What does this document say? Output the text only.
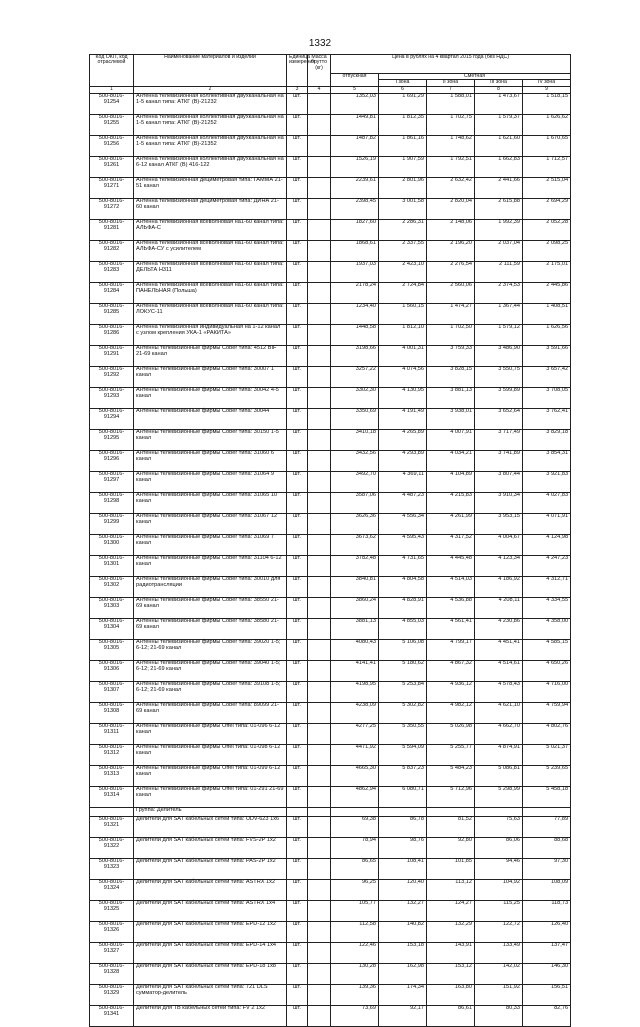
1332
Код ОКП, код отраслевой	Наименование материалов и изделий	Единица измерения	Масса брутто (кг)	Цена в рублях на 4 квартал 2015 года (без НДС)				
				отпускная	Сметная			
					I зона	II зона	III зона	IV зона
1	2	3	4	5	6	7	8	9
500-8016-91254	Антенна телевизионная коллективная двухканальная на 1-5 канал типа: АТКГ (В)-21232	шт.		1352,03	1 691,29	1 588,01	1 473,67	1 518,15
500-8016-91255	Антенна телевизионная коллективная двухканальная на 1-5 канал типа: АТКГ (В)-21252	шт.		1449,81	1 812,35	1 702,75	1 579,37	1 626,62
500-8016-91256	Антенна телевизионная коллективная двухканальная на 1-5 канал типа: АТКГ (В)-21352	шт.		1487,82	1 861,16	1 748,62	1 621,60	1 670,65
500-8016-91261	Антенна телевизионная коллективная двухканальная на 6-12 канал АТКГ (В) 416-122	шт.		1526,19	1 907,59	1 792,51	1 662,83	1 712,57
500-8016-91271	Антенна телевизионная дециметровая типа: ГАММА 21-51 канал	шт.		2239,61	2 801,96	2 632,42	2 441,66	2 515,04
500-8016-91272	Антенна телевизионная дециметровая типа: ДИНА 21-60 канал	шт.		2398,45	3 001,58	2 820,04	2 615,88	2 694,29
500-8016-91281	Антенна телевизионная всеволновая на1-60 канал типа: АЛЬФА-С	шт.		1827,60	2 286,31	2 148,06	1 992,39	2 052,28
500-8016-91282	Антенна телевизионная всеволновая на1-60 канал типа: АЛЬФА-СУ с усилителем	шт.		1868,61	2 337,55	2 196,20	2 037,04	2 098,25
500-8016-91283	Антенна телевизионная всеволновая на1-60 канал типа: ДЕЛЬТА Н311	шт.		1937,03	2 423,10	2 276,54	2 111,59	2 175,01
500-8016-91284	Антенна телевизионная всеволновая на1-60 канал типа: ПАНЕЛЬНАЯ (Польша)	шт.		2178,24	2 724,84	2 560,06	2 374,53	2 445,86
500-8016-91285	Антенна телевизионная всеволновая на1-60 канал типа: ЛОКУС-11	шт.		1234,40	1 560,15	1 474,27	1 367,44	1 408,51
500-8016-91286	Антенна телевизионная индивидуальная на 1-12 канал с узлом крепления УКА-1 «РАКИТА»	шт.		1448,58	1 812,10	1 702,50	1 579,12	1 626,56
500-8016-91291	Антенны телевизионные фирмы Cober типа: 4512 BIF 21-69 канал	шт.		3198,66	4 001,31	3 759,33	3 486,90	3 591,66
500-8016-91292	Антенны телевизионные фирмы Cober типа: 30007 1 канал	шт.		3257,22	4 074,56	3 828,15	3 550,75	3 657,42
500-8016-91293	Антенны телевизионные фирмы Cober типа: 30042 4-5 канал	шт.		3302,30	4 130,95	3 881,13	3 599,89	3 708,05
500-8016-91294	Антенны телевизионные фирмы Cober типа: 30044	шт.		3350,69	4 191,49	3 938,01	3 652,64	3 762,41
500-8016-91295	Антенны телевизионные фирмы Cober типа: 30150 1-5 канал	шт.		3410,18	4 265,89	4 007,91	3 717,49	3 829,18
500-8016-91296	Антенны телевизионные фирмы Cober типа: 31060 6 канал	шт.		3432,56	4 293,89	4 034,21	3 741,89	3 854,31
500-8016-91297	Антенны телевизионные фирмы Cober типа: 31064 9 канал	шт.		3492,70	4 369,11	4 104,89	3 807,44	3 921,83
500-8016-91298	Антенны телевизионные фирмы Cober типа: 31065 10 канал	шт.		3587,06	4 487,23	4 215,83	3 910,34	4 027,83
500-8016-91299	Антенны телевизионные фирмы Cober типа: 31067 12 канал	шт.		3626,36	4 556,34	4 261,99	3 953,15	4 071,91
500-8016-91300	Антенны телевизионные фирмы Cober типа: 31069 7 канал	шт.		3673,62	4 595,43	4 317,52	4 004,67	4 124,98
500-8016-91301	Антенны телевизионные фирмы Cober типа: 31104 6-12 канал	шт.		3782,48	4 731,65	4 445,48	4 123,34	4 247,23
500-8016-91302	Антенны телевизионные фирмы Cober типа: 30010 для радиотрансляции	шт.		3840,81	4 804,58	4 514,03	4 186,92	4 312,71
500-8016-91303	Антенны телевизионные фирмы Cober типа: 38550 21-69 канал	шт.		3860,24	4 828,91	4 536,88	4 208,11	4 334,55
500-8016-91304	Антенны телевизионные фирмы Cober типа: 38580 21-69 канал	шт.		3881,13	4 855,03	4 561,41	4 230,86	4 358,00
500-8016-91305	Антенны телевизионные фирмы Cober типа: 39020 1-5; 6-12; 21-69 канал	шт.		4080,43	5 106,08	4 799,17	4 451,41	4 585,15
500-8016-91306	Антенны телевизионные фирмы Cober типа: 39040 1-5; 6-12; 21-69 канал	шт.		4141,41	5 180,62	4 867,32	4 514,61	4 650,26
500-8016-91307	Антенны телевизионные фирмы Cober типа: 39108 1-5; 6-12; 21-69 канал	шт.		4198,95	5 253,84	4 936,12	4 578,43	4 716,00
500-8016-91308	Антенны телевизионные фирмы Cober типа: 89099 21-69 канал	шт.		4238,09	5 302,82	4 982,12	4 621,10	4 759,94
500-8016-91311	Антенны телевизионные фирмы Offel типа: 01-096 6-12 канал	шт.		4277,25	5 350,55	5 026,98	4 662,70	4 802,76
500-8016-91312	Антенны телевизионные фирмы Offel типа: 01-098 6-12 канал	шт.		4471,92	5 594,09	5 255,77	4 874,91	5 021,37
500-8016-91313	Антенны телевизионные фирмы Offel типа: 01-099 6-12 канал	шт.		4665,30	5 837,23	5 484,23	5 086,81	5 239,65
500-8016-91314	Антенны телевизионные фирмы Offel типа: 01-291 21-69 канал	шт.		4862,94	6 080,71	5 712,96	5 298,99	5 458,18
	Группа: Делитель							
500-8016-91321	Делители для SAT кабельных сетей типа: UDV-623 1х6	шт.		69,38	86,78	81,52	75,63	77,89
500-8016-91322	Делители для SAT кабельных сетей типа: FVS-2P 1х2	шт.		78,94	98,76	92,80	86,06	88,68
500-8016-91323	Делители для SAT кабельных сетей типа: PAS-2P 1х2	шт.		86,65	108,41	101,85	94,46	97,30
500-8016-91324	Делители для SAT кабельных сетей типа: ASTRX 1х2	шт.		96,25	120,40	113,12	104,92	108,09
500-8016-91325	Делители для SAT кабельных сетей типа: ASTRX 1х4	шт.		105,77	132,27	124,27	115,25	118,73
500-8016-91326	Делители для SAT кабельных сетей типа: EPD-12 1х2	шт.		112,58	140,82	132,29	122,72	126,40
500-8016-91327	Делители для SAT кабельных сетей типа: EPD-14 1х4	шт.		122,46	153,18	143,91	133,49	137,47
500-8016-91328	Делители для SAT кабельных сетей типа: EPD-18 1х8	шт.		130,28	162,98	153,12	142,02	146,30
500-8016-91329	Делители для SAT кабельных сетей типа: 721 DLS сумматор-делитель	шт.		139,36	174,34	163,80	151,92	156,51
500-8016-91341	Делители для ТВ кабельных сетей типа: FV 2 1х2	шт.		73,69	92,17	86,61	80,33	82,76
